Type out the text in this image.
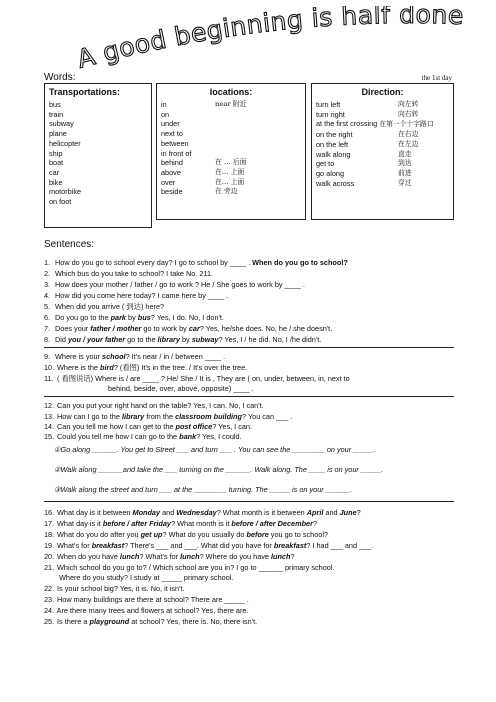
A good beginning is half done
Words:	the 1st day
Transportations:
bus
train
subway
plane
helicopter
ship
boat
car
bike
motorbike
on foot
locations:
in	near 附近
on
under
next to
between
in front of
behind	在 … 后面
above	在… 上面
over	在… 上面
beside	在 旁边
Direction:
turn left	向左转
turn right	向右转
at the first crossing 在第一个十字路口
on the right	在右边
on the left	在左边
walk along	直走
get to	到达
go along	前进
walk across	穿过
Sentences:
1. How do you go to school every day? I go to school by ____ . When do you go to school?
2. Which bus do you take to school? I take No. 211.
3. How does your mother / father / go to work ? He / She goes to work by ____ .
4. How did you come here today? I came here by ____ .
5. When did you arrive ( 到达) here?
6. Do you go to the park by bus? Yes, I do. No, I don't.
7. Does your father / mother go to work by car? Yes, he/she does. No, he / she doesn't.
8. Did you / your father go to the library by subway? Yes, I / he did. No, I /he didn't.
9. Where is your school? It's near / in / between ____ .
10. Where is the bird? (看图) It's in the tree. / It's over the tree.
11. ( 看图说话) Where is / are ____ ? He/ She / It is , They are ( on, under, between, in, next to
behind, beside, over, above, opposite) ____ .
12. Can you put your right hand on the table? Yes, I can. No, I can't.
13. How can I go to the library from the classroom building? You can ___ .
14. Can you tell me how I can get to the post office? Yes, I can.
15. Could you tell me how I can go to the bank? Yes, I could.
①Go along ______. You get to Street ___ and turn ___ . You can see the ________ on your _____.
②Walk along ______and take the ___ turning on the ______. Walk along. The ____ is on your _____.
③Walk along the street and turn ___ at the ________ turning. The _____ is on your ______.
16. What day is it between Monday and Wednesday? What month is it between April and June?
17. What day is it before / after Friday? What month is it before / after December?
18. What do you do after you get up? What do you usually do before you go to school?
19. What's for breakfast? There's ___ and ___. What did you have for breakfast? I had ___ and ___.
20. When do you have lunch? What's for lunch? Where do you have lunch?
21. Which school do you go to? / Which school are you in? I go to ______ primary school.
Where do you study? I study at _____ primary school.
22. Is your school big? Yes, it is. No, it isn't.
23. How many buildings are there at school? There are _____ .
24. Are there many trees and flowers at school? Yes, there are.
25. Is there a playground at school? Yes, there is. No, there isn't.
